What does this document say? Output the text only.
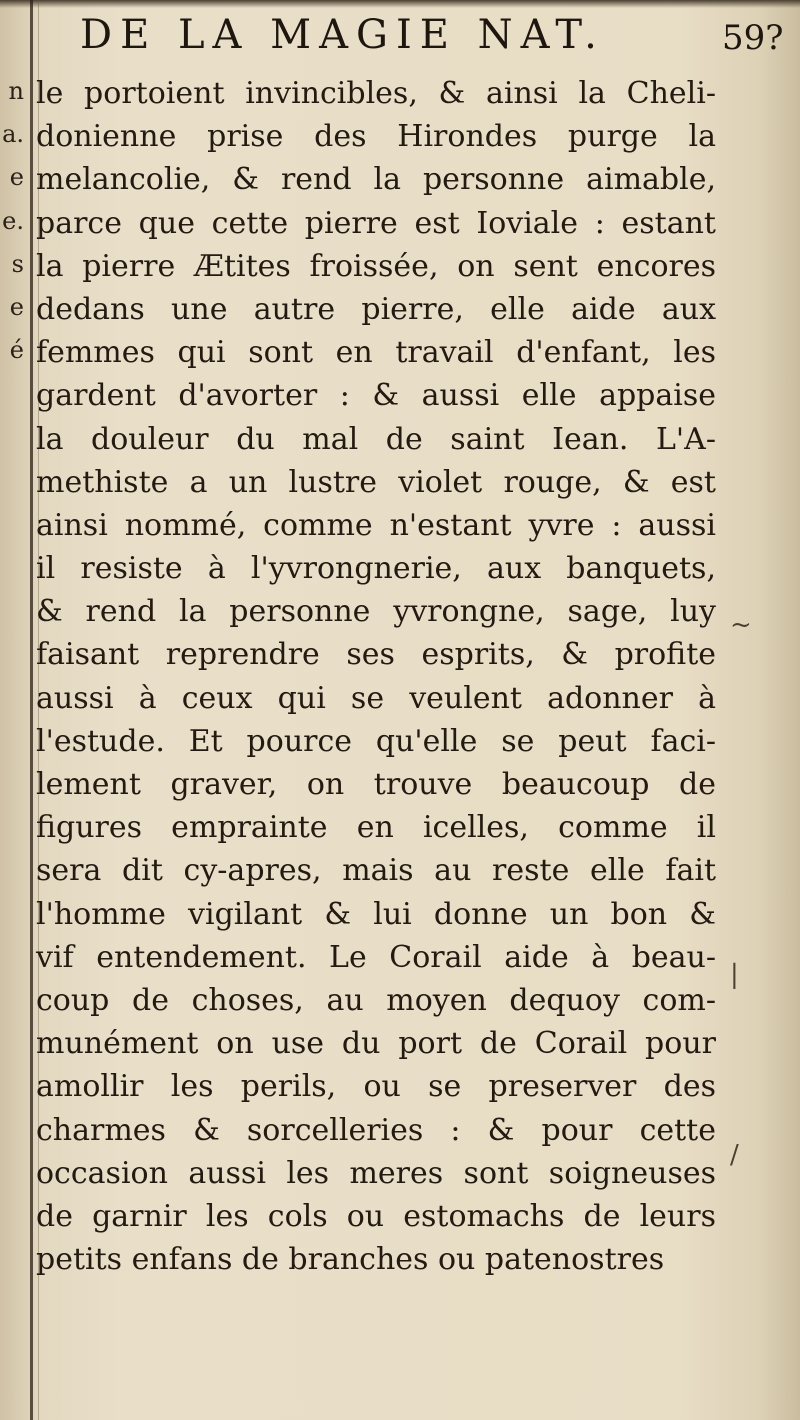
n
a.
e
e.
s
e
é
DE LA MAGIE NAT.	59?
le portoient invincibles, & ainsi la Cheli-
donienne prise des Hirondes purge la
melancolie, & rend la personne aimable,
parce que cette pierre est Ioviale : estant
la pierre Ætites froissée, on sent encores
dedans une autre pierre, elle aide aux
femmes qui sont en travail d'enfant, les
gardent d'avorter : & aussi elle appaise
la douleur du mal de saint Iean. L'A-
methiste a un lustre violet rouge, & est
ainsi nommé, comme n'estant yvre : aussi
il resiste à l'yvrongnerie, aux banquets,
& rend la personne yvrongne, sage, luy
faisant reprendre ses esprits, & profite
aussi à ceux qui se veulent adonner à
l'estude. Et pource qu'elle se peut faci-
lement graver, on trouve beaucoup de
figures emprainte en icelles, comme il
sera dit cy-apres, mais au reste elle fait
l'homme vigilant & lui donne un bon &
vif entendement. Le Corail aide à beau-
coup de choses, au moyen dequoy com-
munément on use du port de Corail pour
amollir les perils, ou se preserver des
charmes & sorcelleries : & pour cette
occasion aussi les meres sont soigneuses
de garnir les cols ou estomachs de leurs
petits enfans de branches ou patenostres
~
|
/
